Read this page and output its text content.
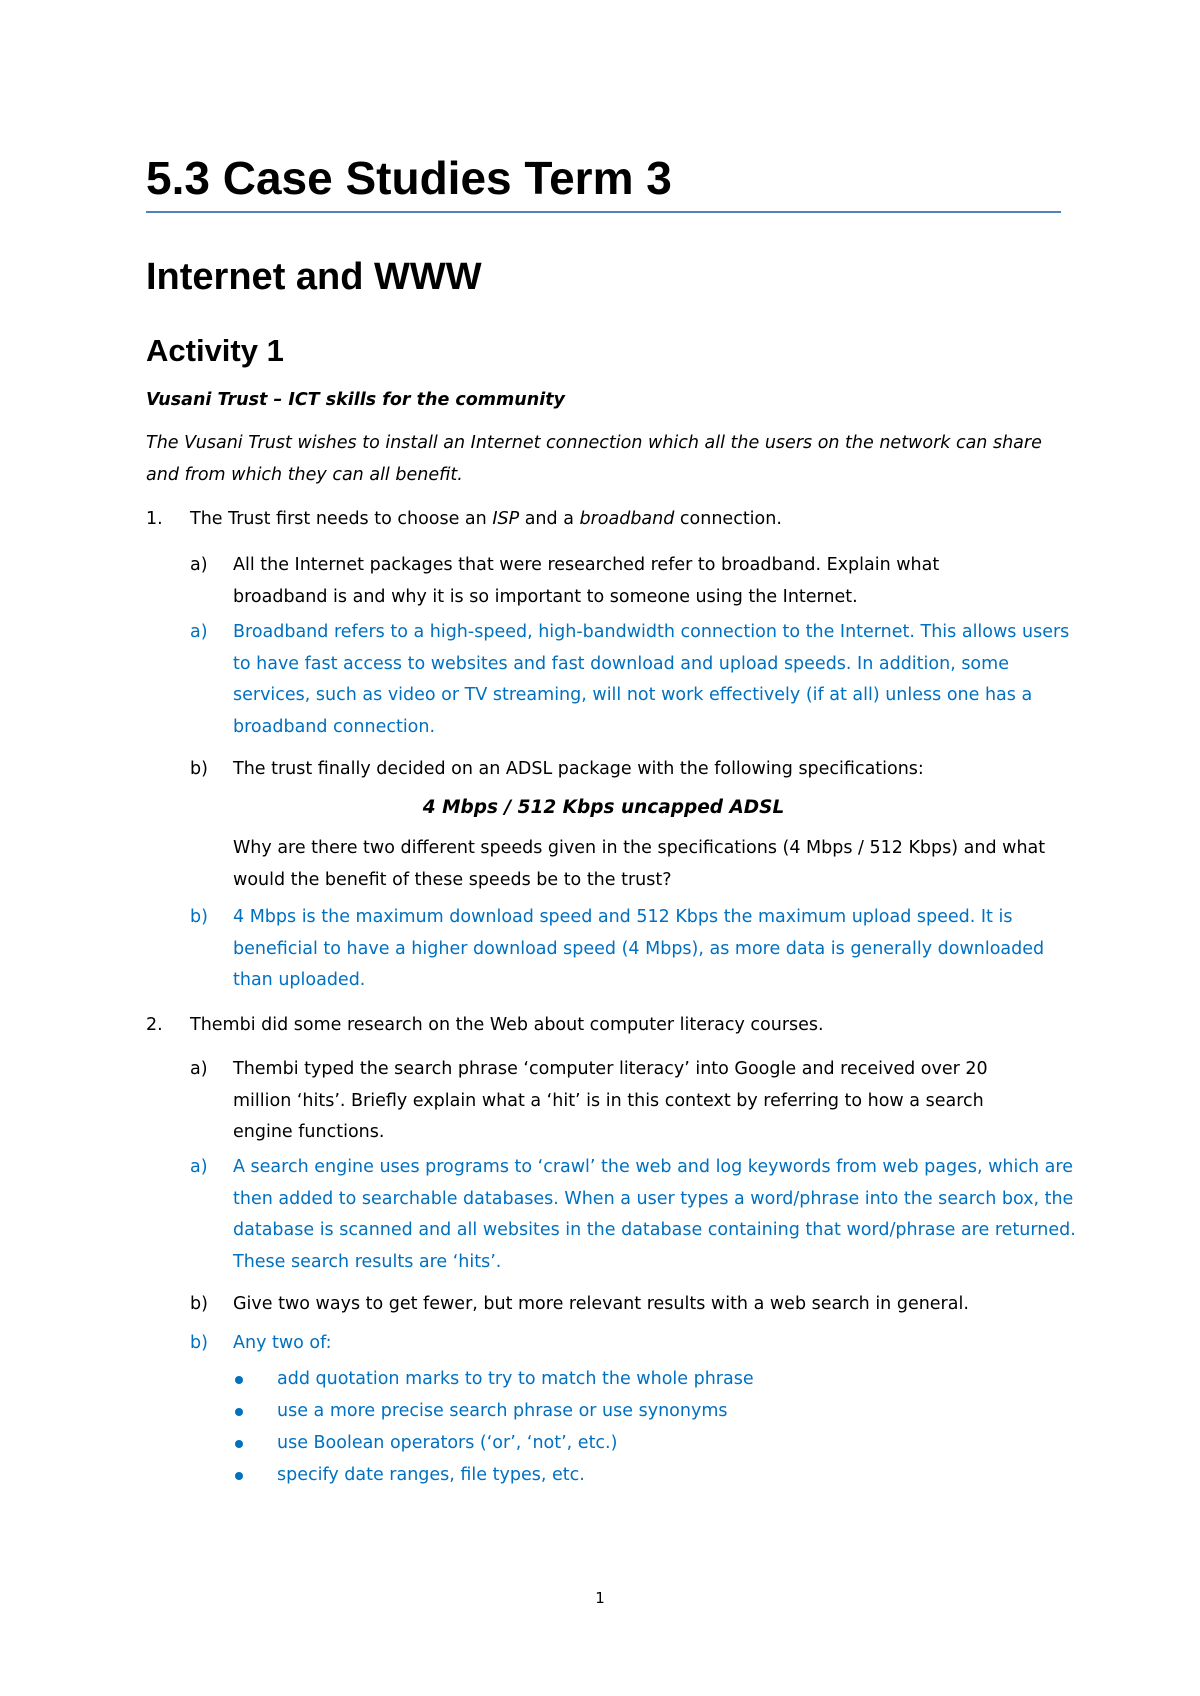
5.3 Case Studies Term 3
Internet and WWW
Activity 1
Vusani Trust – ICT skills for the community
The Vusani Trust wishes to install an Internet connection which all the users on the network can share and from which they can all benefit.
1. The Trust first needs to choose an ISP and a broadband connection.
a) All the Internet packages that were researched refer to broadband. Explain what broadband is and why it is so important to someone using the Internet.
a) Broadband refers to a high-speed, high-bandwidth connection to the Internet. This allows users to have fast access to websites and fast download and upload speeds. In addition, some services, such as video or TV streaming, will not work effectively (if at all) unless one has a broadband connection.
b) The trust finally decided on an ADSL package with the following specifications:
4 Mbps / 512 Kbps uncapped ADSL
Why are there two different speeds given in the specifications (4 Mbps / 512 Kbps) and what would the benefit of these speeds be to the trust?
b) 4 Mbps is the maximum download speed and 512 Kbps the maximum upload speed. It is beneficial to have a higher download speed (4 Mbps), as more data is generally downloaded than uploaded.
2. Thembi did some research on the Web about computer literacy courses.
a) Thembi typed the search phrase ‘computer literacy’ into Google and received over 20 million ‘hits’. Briefly explain what a ‘hit’ is in this context by referring to how a search engine functions.
a) A search engine uses programs to ‘crawl’ the web and log keywords from web pages, which are then added to searchable databases. When a user types a word/phrase into the search box, the database is scanned and all websites in the database containing that word/phrase are returned. These search results are ‘hits’.
b) Give two ways to get fewer, but more relevant results with a web search in general.
b) Any two of:
add quotation marks to try to match the whole phrase
use a more precise search phrase or use synonyms
use Boolean operators (‘or’, ‘not’, etc.)
specify date ranges, file types, etc.
1
